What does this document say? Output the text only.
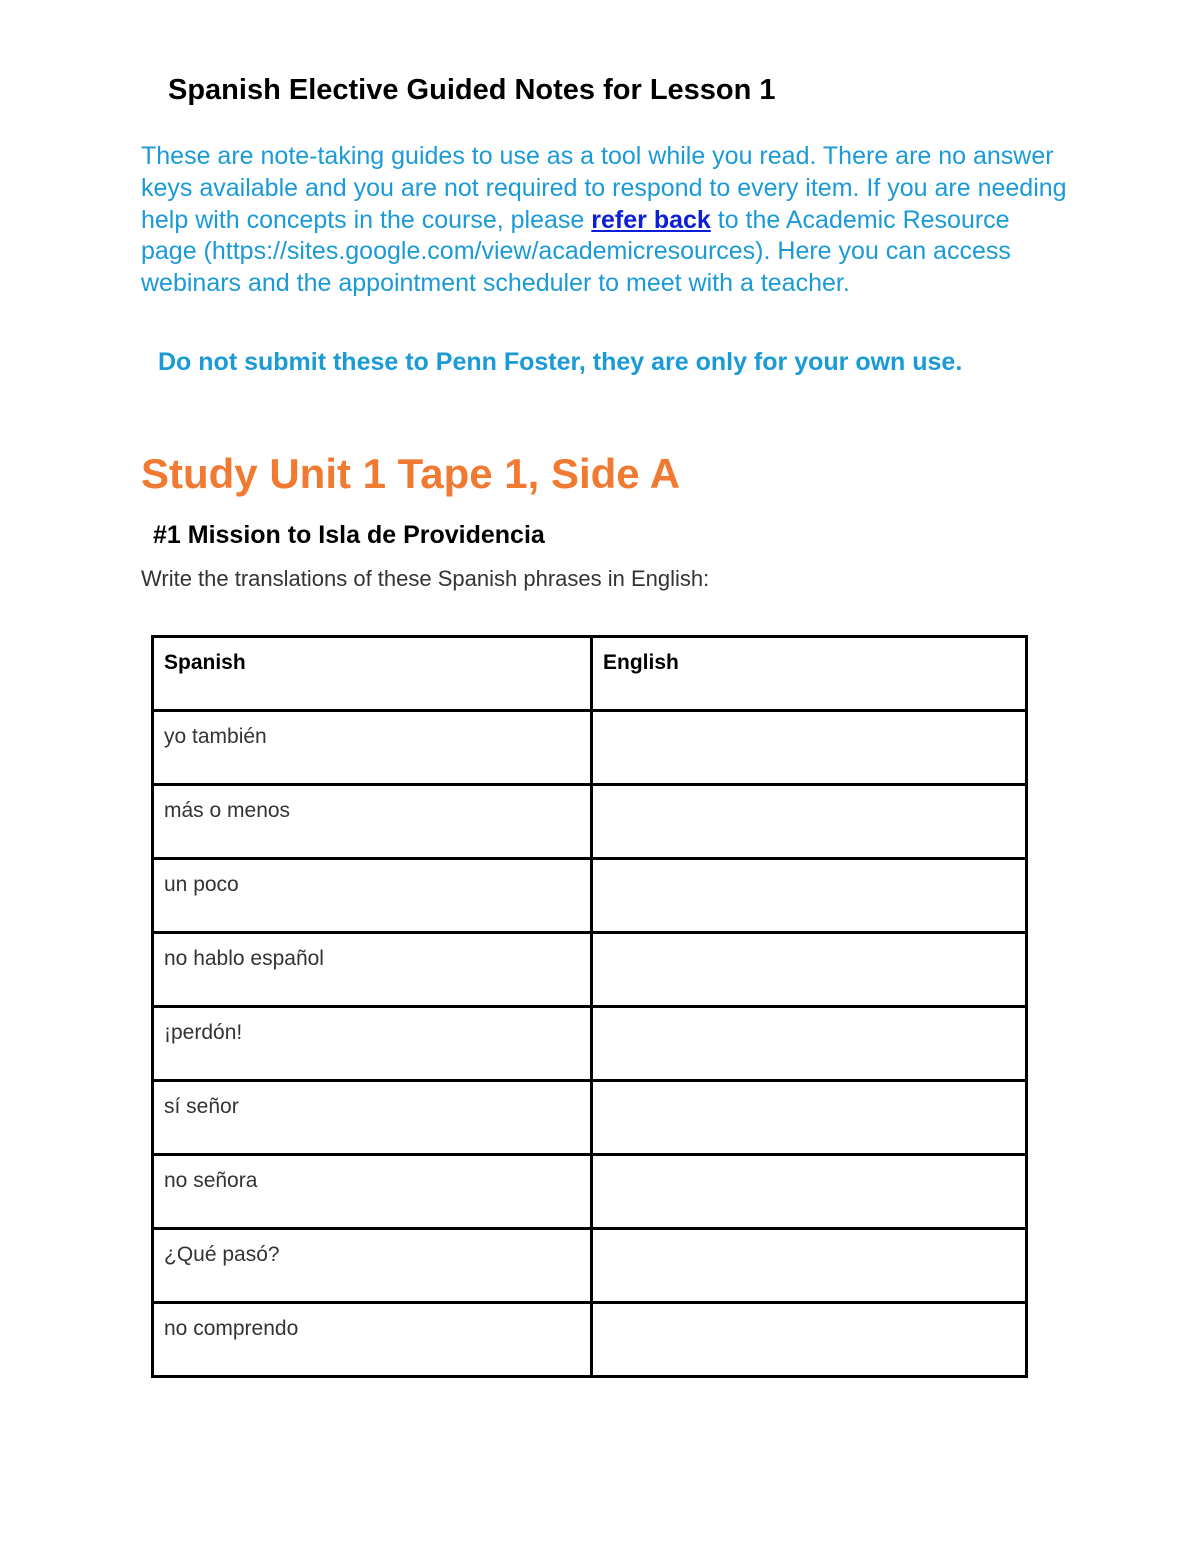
Spanish Elective Guided Notes for Lesson 1

These are note-taking guides to use as a tool while you read. There are no answer keys available and you are not required to respond to every item. If you are needing help with concepts in the course, please refer back to the Academic Resource page (https://sites.google.com/view/academicresources). Here you can access webinars and the appointment scheduler to meet with a teacher.

Do not submit these to Penn Foster, they are only for your own use.
Study Unit 1 Tape 1, Side A
#1 Mission to Isla de Providencia
Write the translations of these Spanish phrases in English:
Spanish	English
yo también	
más o menos	
un poco	
no hablo español	
¡perdón!	
sí señor	
no señora	
¿Qué pasó?	
no comprendo	
